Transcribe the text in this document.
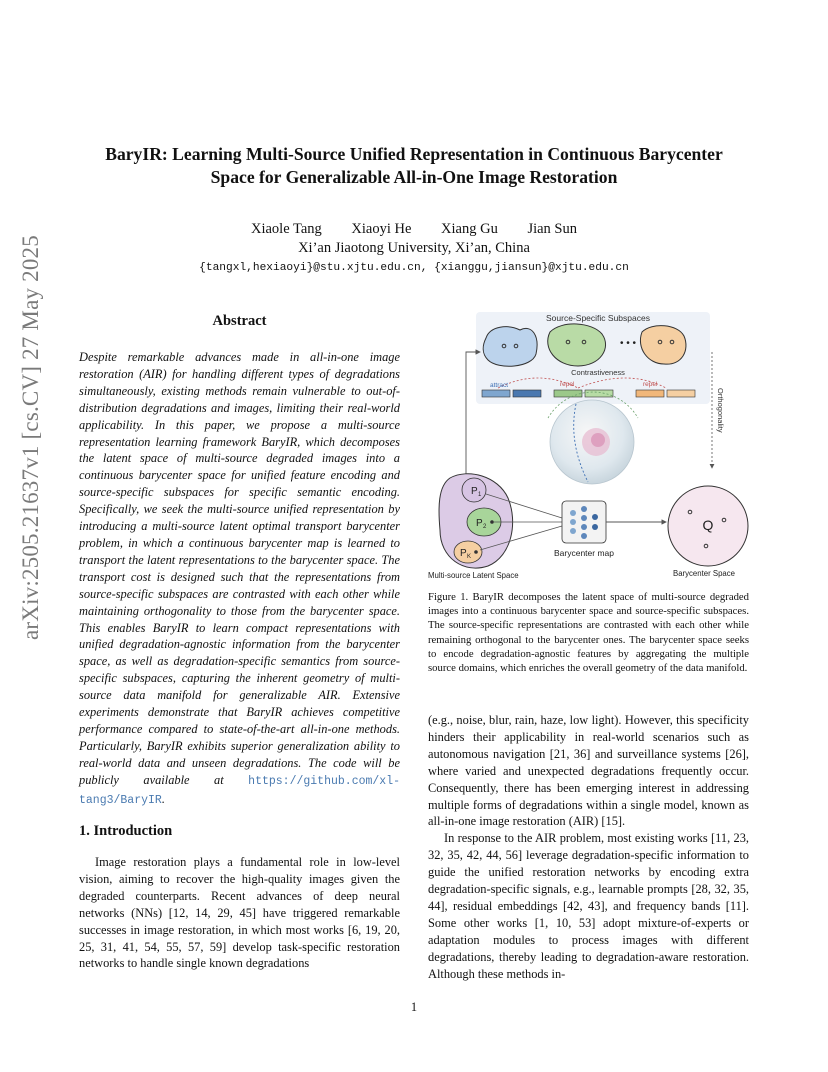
arXiv:2505.21637v1 [cs.CV] 27 May 2025
BaryIR: Learning Multi-Source Unified Representation in Continuous Barycenter Space for Generalizable All-in-One Image Restoration
Xiaole Tang Xiaoyi He Xiang Gu Jian Sun
Xi’an Jiaotong University, Xi’an, China
{tangxl,hexiaoyi}@stu.xjtu.edu.cn, {xianggu,jiansun}@xjtu.edu.cn
Abstract
Despite remarkable advances made in all-in-one image restoration (AIR) for handling different types of degradations simultaneously, existing methods remain vulnerable to out-of-distribution degradations and images, limiting their real-world applicability. In this paper, we propose a multi-source representation learning framework BaryIR, which decomposes the latent space of multi-source degraded images into a continuous barycenter space for unified feature encoding and source-specific subspaces for specific semantic encoding. Specifically, we seek the multi-source unified representation by introducing a multi-source latent optimal transport barycenter problem, in which a continuous barycenter map is learned to transport the latent representations to the barycenter space. The transport cost is designed such that the representations from source-specific subspaces are contrasted with each other while maintaining orthogonality to those from the barycenter space. This enables BaryIR to learn compact representations with unified degradation-agnostic information from the barycenter space, as well as degradation-specific semantics from source-specific subspaces, capturing the inherent geometry of multi-source data manifold for generalizable AIR. Extensive experiments demonstrate that BaryIR achieves competitive performance compared to state-of-the-art all-in-one methods. Particularly, BaryIR exhibits superior generalization ability to real-world data and unseen degradations. The code will be publicly available at https://github.com/xl-tang3/BaryIR.
1. Introduction
Image restoration plays a fundamental role in low-level vision, aiming to recover the high-quality images given the degraded counterparts. Recent advances of deep neural networks (NNs) [12, 14, 29, 45] have triggered remarkable successes in image restoration, in which most works [6, 19, 20, 25, 31, 41, 54, 55, 57, 59] develop task-specific restoration networks to handle single known degradations
Source-Specific Subspaces
• • •
Contrastiveness
attract	repel	repel
Orthogonality
P 1
P 2
P K	Barycenter map
Q
Multi-source Latent Space	Barycenter Space
Figure 1. BaryIR decomposes the latent space of multi-source degraded images into a continuous barycenter space and source-specific subspaces. The source-specific representations are contrasted with each other while remaining orthogonal to the barycenter ones. The barycenter space seeks to encode degradation-agnostic features by aggregating the multiple source domains, which enriches the overall geometry of the data manifold.

(e.g., noise, blur, rain, haze, low light). However, this specificity hinders their applicability in real-world scenarios such as autonomous navigation [21, 36] and surveillance systems [26], where varied and unexpected degradations frequently occur. Consequently, there has been emerging interest in addressing multiple forms of degradations within a single model, known as all-in-one image restoration (AIR) [15].

In response to the AIR problem, most existing works [11, 23, 32, 35, 42, 44, 56] leverage degradation-specific information to guide the unified restoration networks by encoding extra degradation-specific signals, e.g., learnable prompts [28, 32, 35, 44], residual embeddings [42, 43], and frequency bands [11]. Some other works [1, 10, 53] adopt mixture-of-experts or adaptation modules to process images with different degradations, thereby leading to degradation-aware restoration. Although these methods in-

1
